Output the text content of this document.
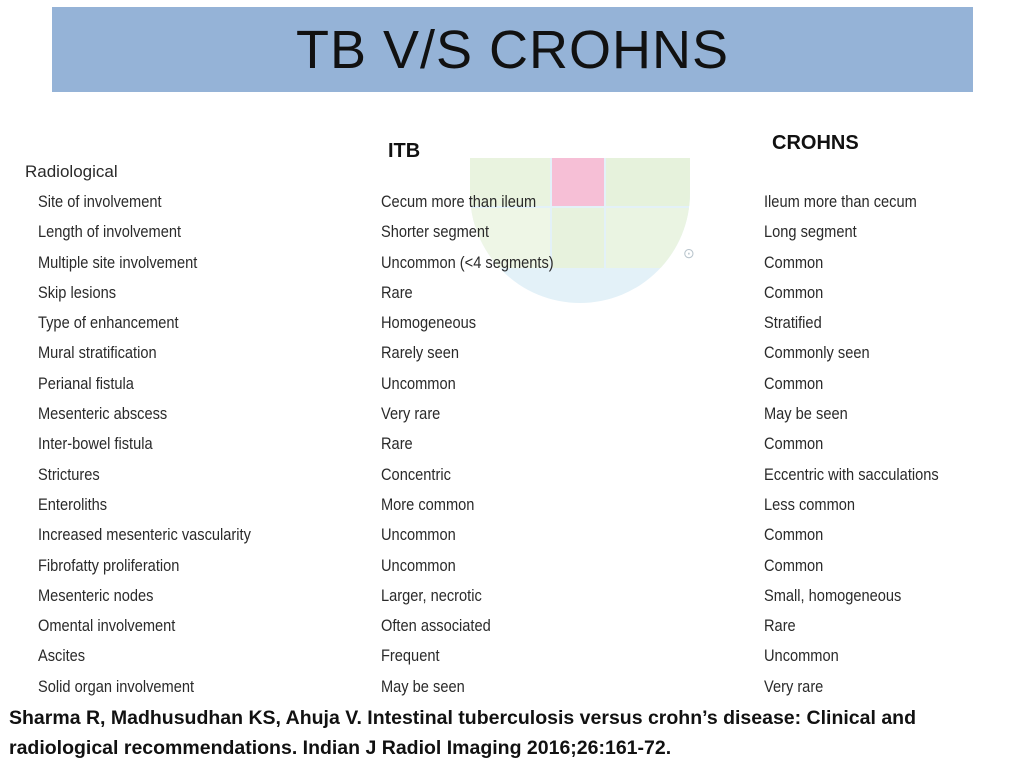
TB V/S CROHNS
⊙
ITB	CROHNS
Radiological
Site of involvement	Cecum more than ileum	Ileum more than cecum
Length of involvement	Shorter segment	Long segment
Multiple site involvement	Uncommon (<4 segments)	Common
Skip lesions	Rare	Common
Type of enhancement	Homogeneous	Stratified
Mural stratification	Rarely seen	Commonly seen
Perianal fistula	Uncommon	Common
Mesenteric abscess	Very rare	May be seen
Inter-bowel fistula	Rare	Common
Strictures	Concentric	Eccentric with sacculations
Enteroliths	More common	Less common
Increased mesenteric vascularity	Uncommon	Common
Fibrofatty proliferation	Uncommon	Common
Mesenteric nodes	Larger, necrotic	Small, homogeneous
Omental involvement	Often associated	Rare
Ascites	Frequent	Uncommon
Solid organ involvement	May be seen	Very rare
Sharma R, Madhusudhan KS, Ahuja V. Intestinal tuberculosis versus crohn’s disease: Clinical and radiological recommendations. Indian J Radiol Imaging 2016;26:161-72.
